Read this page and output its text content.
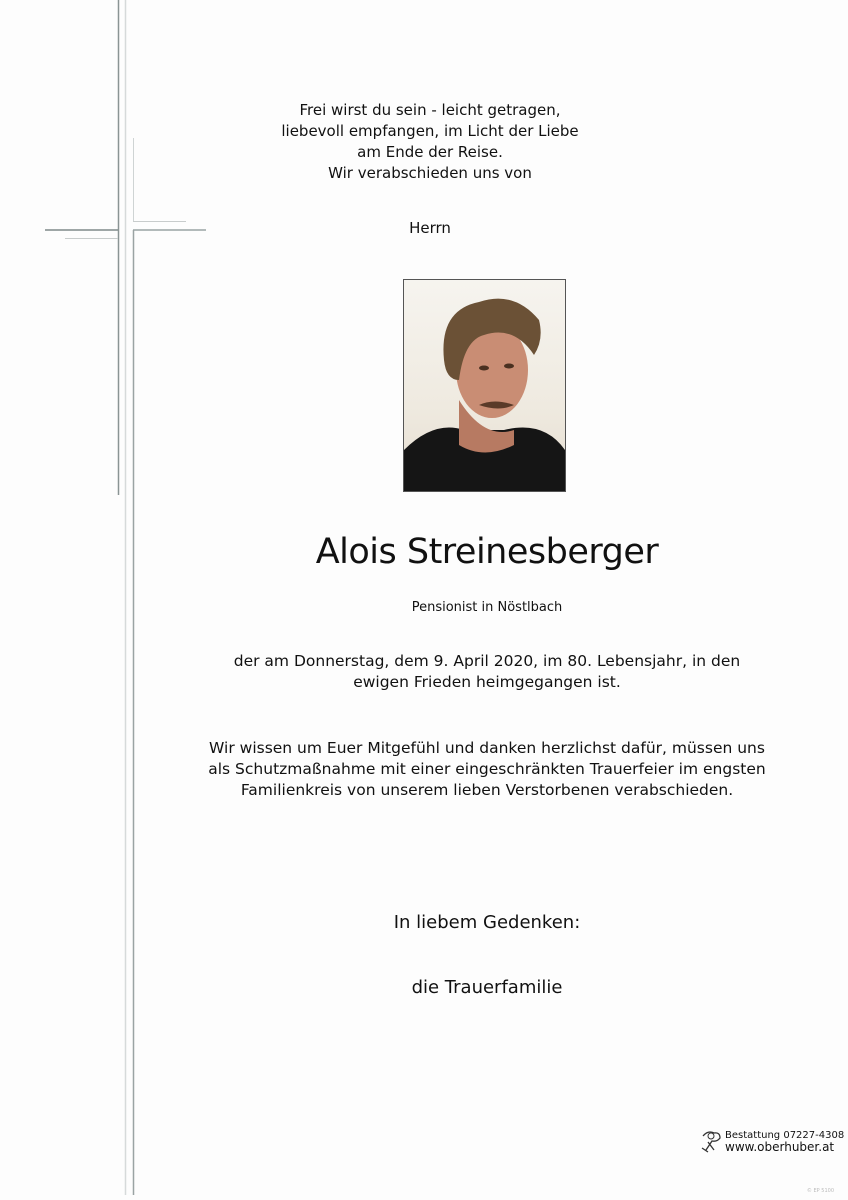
Frei wirst du sein - leicht getragen,
liebevoll empfangen, im Licht der Liebe
am Ende der Reise.
Wir verabschieden uns von
Herrn
Alois Streinesberger
Pensionist in Nöstlbach
der am Donnerstag, dem 9. April 2020, im 80. Lebensjahr, in den
ewigen Frieden heimgegangen ist.
Wir wissen um Euer Mitgefühl und danken herzlichst dafür, müssen uns
als Schutzmaßnahme mit einer eingeschränkten Trauerfeier im engsten
Familienkreis von unserem lieben Verstorbenen verabschieden.
In liebem Gedenken:
die Trauerfamilie
Bestattung 07227-4308
www.oberhuber.at
© EP 5100
